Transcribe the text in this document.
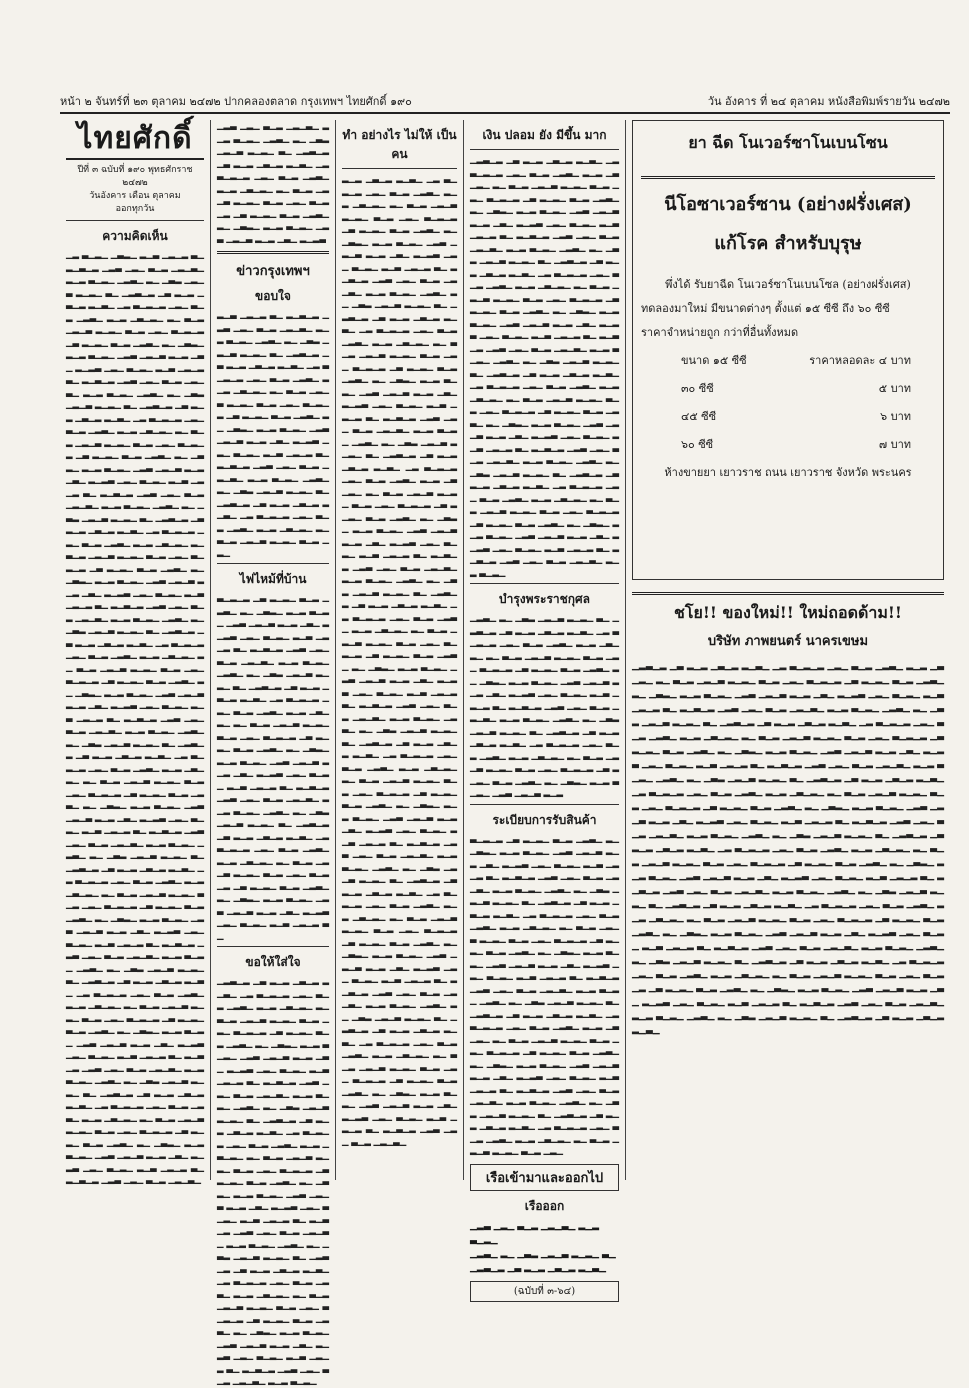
หน้า ๒ จันทร์ที่ ๒๓ ตุลาคม ๒๔๗๒ ปากคลองตลาด กรุงเทพฯ ไทยศักดิ์ ๑๙๐	วัน อังคาร ที่ ๒๔ ตุลาคม หนังสือพิมพ์รายวัน ๒๔๗๒
ไทยศักดิ์
ปีที่ ๓ ฉบับที่ ๑๙๐ พุทธศักราช ๒๔๗๒
วันอังคาร เดือน ตุลาคม
ออกทุกวัน
ความคิดเห็น
▁▂ ▃▁▂▁ ▁▃▂▁ ▂▁▃ ▁▂▁▂ ▃▁ ▂▁▃▁▂ ▁▂▃ ▁▂▁ ▃▁▂ ▁▂▁▃▁ ▂▁▂ ▃▁▂▁ ▁▂▃▁ ▂▁ ▁▃▂ ▁▂▁▃ ▂▁▂▁ ▃▁ ▁▂▃▁▂ ▁▃ ▂▁▂ ▁▃▁▂ ▂▁▃▁ ▁▂ ▃▁▂▁▂ ▁▂▁ ▃▁▂ ▁▂▃▁ ▂▁▂ ▁▃▁▂▁ ▂▁ ▃▁▂ ▁▂▁▃ ▂▁▂▁ ▃▁▂ ▁▂▁ ▃▁▂▁▂ ▁▃ ▂▁▂▁ ▃▁▂ ▁▂▃▁ ▂▁ ▁▃▂▁ ▂▁▂ ▃▁▂▁ ▁▂▃ ▁▂▁▃ ▂▁▂ ▁▃▁ ▂▁▂▃ ▁▂▁ ▃▁▂▁ ▂▁▃ ▁▂▁▂ ▃▁ ▂▁▃▁▂ ▁▂▃ ▁▂▁ ▃▁▂ ▁▂▁▃▁ ▂▁▂ ▃▁▂▁ ▁▂▃▁ ▂▁ ▁▃▂ ▁▂▁▃ ▂▁▂▁ ▃▁ ▁▂▃▁▂ ▁▃ ▂▁▂ ▁▃▁▂ ▂▁▃▁ ▁▂ ▃▁▂▁▂ ▁▂▁ ▃▁▂ ▁▂▃▁ ▂▁▂ ▁▃▁▂▁ ▂▁ ▃▁▂ ▁▂▁▃ ▂▁▂▁ ▃▁▂ ▁▂▁ ▃▁▂▁▂ ▁▃ ▂▁▂▁ ▃▁▂ ▁▂▃▁ ▂▁ ▁▃▂▁ ▂▁▂ ▃▁▂▁ ▁▂▃ ▁▂▁▃ ▂▁▂ ▁▃▁ ▂▁▂▃ ▁▂▁ ▃▁▂▁ ▂▁▃ ▁▂▁▂ ▃▁ ▂▁▃▁▂ ▁▂▃ ▁▂▁ ▃▁▂ ▁▂▁▃▁ ▂▁▂ ▃▁▂▁ ▁▂▃▁ ▂▁ ▁▃▂ ▁▂▁▃ ▂▁▂▁ ▃▁ ▁▂▃▁▂ ▁▃ ▂▁▂ ▁▃▁▂ ▂▁▃▁ ▁▂ ▃▁▂▁▂ ▁▂▁ ▃▁▂ ▁▂▃▁ ▂▁▂ ▁▃▁▂▁ ▂▁ ▃▁▂ ▁▂▁▃ ▂▁▂▁ ▃▁▂ ▁▂▁ ▃▁▂▁▂ ▁▃ ▂▁▂▁ ▃▁▂ ▁▂▃▁ ▂▁ ▁▃▂▁ ▂▁▂ ▃▁▂▁ ▁▂▃ ▁▂▁▃ ▂▁▂ ▁▃▁ ▂▁▂▃ ▁▂▁ ▃▁▂▁ ▂▁▃ ▁▂▁▂ ▃▁ ▂▁▃▁▂ ▁▂▃ ▁▂▁ ▃▁▂ ▁▂▁▃▁ ▂▁▂ ▃▁▂▁ ▁▂▃▁ ▂▁ ▁▃▂ ▁▂▁▃ ▂▁▂▁ ▃▁ ▁▂▃▁▂ ▁▃ ▂▁▂ ▁▃▁▂ ▂▁▃▁ ▁▂ ▃▁▂▁▂ ▁▂▁ ▃▁▂ ▁▂▃▁ ▂▁▂ ▁▃▁▂▁ ▂▁ ▃▁▂ ▁▂▁▃ ▂▁▂▁ ▃▁▂ ▁▂▁ ▃▁▂▁▂ ▁▃ ▂▁▂▁ ▃▁▂ ▁▂▃▁ ▂▁ ▁▃▂▁ ▂▁▂ ▃▁▂▁ ▁▂▃ ▁▂▁▃ ▂▁▂ ▁▃▁ ▂▁▂▃ ▁▂▁ ▃▁▂▁ ▂▁▃ ▁▂▁▂ ▃▁ ▂▁▃▁▂ ▁▂▃ ▁▂▁ ▃▁▂ ▁▂▁▃▁ ▂▁▂ ▃▁▂▁ ▁▂▃▁ ▂▁ ▁▃▂ ▁▂▁▃ ▂▁▂▁ ▃▁ ▁▂▃▁▂ ▁▃ ▂▁▂ ▁▃▁▂ ▂▁▃▁ ▁▂ ▃▁▂▁▂ ▁▂▁ ▃▁▂ ▁▂▃▁ ▂▁▂ ▁▃▁▂▁ ▂▁ ▃▁▂ ▁▂▁▃ ▂▁▂▁ ▃▁▂ ▁▂▁ ▃▁▂▁▂ ▁▃ ▂▁▂▁ ▃▁▂ ▁▂▃▁ ▂▁ ▁▃▂▁ ▂▁▂ ▃▁▂▁ ▁▂▃ ▁▂▁▃ ▂▁▂ ▁▃▁ ▂▁▂▃ ▁▂▁ ▃▁▂▁ ▂▁▃ ▁▂▁▂ ▃▁ ▂▁▃▁▂ ▁▂▃ ▁▂▁ ▃▁▂ ▁▂▁▃▁ ▂▁▂ ▃▁▂▁ ▁▂▃▁ ▂▁ ▁▃▂ ▁▂▁▃ ▂▁▂▁ ▃▁ ▁▂▃▁▂ ▁▃ ▂▁▂ ▁▃▁▂ ▂▁▃▁ ▁▂ ▃▁▂▁▂ ▁▂▁ ▃▁▂ ▁▂▃▁ ▂▁▂ ▁▃▁▂▁ ▂▁ ▃▁▂ ▁▂▁▃ ▂▁▂▁ ▃▁▂ ▁▂▁ ▃▁▂▁▂ ▁▃ ▂▁▂▁ ▃▁▂ ▁▂▃▁ ▂▁ ▁▃▂▁ ▂▁▂ ▃▁▂▁ ▁▂▃ ▁▂▁▃ ▂▁▂ ▁▃▁ ▂▁▂▃ ▁▂▁ ▃▁▂▁ ▂▁▃ ▁▂▁▂ ▃▁ ▂▁▃▁▂ ▁▂▃ ▁▂▁ ▃▁▂ ▁▂▁▃▁ ▂▁▂ ▃▁▂▁ ▁▂▃▁ ▂▁ ▁▃▂ ▁▂▁▃ ▂▁▂▁ ▃▁ ▁▂▃▁▂ ▁▃ ▂▁▂ ▁▃▁▂ ▂▁▃▁ ▁▂ ▃▁▂▁▂ ▁▂▁ ▃▁▂ ▁▂▃▁ ▂▁▂ ▁▃▁▂▁ ▂▁ ▃▁▂ ▁▂▁▃ ▂▁▂▁ ▃▁▂ ▁▂▁ ▃▁▂▁▂ ▁▃ ▂▁▂▁ ▃▁▂ ▁▂▃▁ ▂▁ ▁▃▂▁ ▂▁▂ ▃▁▂▁ ▁▂▃ ▁▂▁▃ ▂▁▂ ▁▃▁ ▂▁▂▃ ▁▂▁ ▃▁▂▁ ▂▁▃ ▁▂▁▂ ▃▁ ▂▁▃▁▂ ▁▂▃ ▁▂▁ ▃▁▂ ▁▂▁▃▁ ▂▁▂ ▃▁▂▁ ▁▂▃▁ ▂▁ ▁▃▂ ▁▂▁▃ ▂▁▂▁ ▃▁ ▁▂▃▁▂ ▁▃ ▂▁▂ ▁▃▁▂ ▂▁▃▁ ▁▂ ▃▁▂▁▂ ▁▂▁ ▃▁▂ ▁▂▃▁ ▂▁▂ ▁▃▁▂▁ ▂▁ ▃▁▂ ▁▂▁▃ ▂▁▂▁ ▃▁▂ ▁▂▁ ▃▁▂▁▂ ▁▃ ▂▁▂▁ ▃▁▂ ▁▂▃▁ ▂▁ ▁▃▂▁ ▂▁▂ ▃▁▂▁ ▁▂▃ ▁▂▁▃ ▂▁▂ ▁▃▁ ▂▁▂▃ ▁▂▁ ▃▁▂▁ ▂▁▃ ▁▂▁▂ ▃▁ ▂▁▃▁▂ ▁▂▃ ▁▂▁ ▃▁▂ ▁▂▁▃▁
▁▂▃ ▁▂▁ ▃▁▂ ▁▂▁▃▁ ▂▁▂ ▃▁▂▁ ▁▂▃▁ ▂▁ ▁▃▂ ▁▂▁▃ ▂▁▂▁ ▃▁ ▁▂▃▁▂ ▁▃ ▂▁▂ ▁▃▁▂ ▂▁▃▁ ▁▂ ▃▁▂▁▂ ▁▂▁ ▃▁▂ ▁▂▃▁ ▂▁▂ ▁▃▁▂▁ ▂▁ ▃▁▂ ▁▂▁▃ ▂▁▂▁ ▃▁▂ ▁▂▁ ▃▁▂▁▂ ▁▃ ▂▁▂▁ ▃▁▂ ▁▂▃▁ ▂▁ ▁▃▂▁ ▂▁▂ ▃▁▂▁ ▁▂▃ ▁▂▁▃ ▂▁▂ ▁▃▁ ▂▁▂▃
ข่าวกรุงเทพฯ
ขอบใจ
▂▁▃ ▁▂▁▂ ▃▁ ▂▁▃▁▂ ▁▂▃ ▁▂▁ ▃▁▂ ▁▂▁▃▁ ▂▁▂ ▃▁▂▁ ▁▂▃▁ ▂▁ ▁▃▂ ▁▂▁▃ ▂▁▂▁ ▃▁ ▁▂▃▁▂ ▁▃ ▂▁▂ ▁▃▁▂ ▂▁▃▁ ▁▂ ▃▁▂▁▂ ▁▂▁ ▃▁▂ ▁▂▃▁ ▂▁▂ ▁▃▁▂▁ ▂▁ ▃▁▂ ▁▂▁▃ ▂▁▂▁ ▃▁▂ ▁▂▁ ▃▁▂▁▂ ▁▃ ▂▁▂▁ ▃▁▂ ▁▂▃▁ ▂▁ ▁▃▂▁ ▂▁▂ ▃▁▂▁ ▁▂▃ ▁▂▁▃ ▂▁▂ ▁▃▁ ▂▁▂▃ ▁▂▁ ▃▁▂▁ ▂▁▃ ▁▂▁▂ ▃▁ ▂▁▃▁▂ ▁▂▃ ▁▂▁ ▃▁▂ ▁▂▁▃▁ ▂▁▂ ▃▁▂▁ ▁▂▃▁ ▂▁ ▁▃▂ ▁▂▁▃ ▂▁▂▁ ▃▁ ▁▂▃▁▂ ▁▃ ▂▁▂ ▁▃▁▂ ▂▁▃▁ ▁▂ ▃▁▂▁▂ ▁▂▁ ▃▁▂ ▁▂▃▁ ▂▁▂ ▁▃▁▂▁ ▂▁ ▃▁▂ ▁▂▁▃ ▂▁▂▁ ▃▁▂ ▁▂▁
ไฟไหม้ที่บ้าน
▃▁▂▁▂ ▁▃ ▂▁▂▁ ▃▁▂ ▁▂▃▁ ▂▁ ▁▃▂▁ ▂▁▂ ▃▁▂▁ ▁▂▃ ▁▂▁▃ ▂▁▂ ▁▃▁ ▂▁▂▃ ▁▂▁ ▃▁▂▁ ▂▁▃ ▁▂▁▂ ▃▁ ▂▁▃▁▂ ▁▂▃ ▁▂▁ ▃▁▂ ▁▂▁▃▁ ▂▁▂ ▃▁▂▁ ▁▂▃▁ ▂▁ ▁▃▂ ▁▂▁▃ ▂▁▂▁ ▃▁ ▁▂▃▁▂ ▁▃ ▂▁▂ ▁▃▁▂ ▂▁▃▁ ▁▂ ▃▁▂▁▂ ▁▂▁ ▃▁▂ ▁▂▃▁ ▂▁▂ ▁▃▁▂▁ ▂▁ ▃▁▂ ▁▂▁▃ ▂▁▂▁ ▃▁▂ ▁▂▁ ▃▁▂▁▂ ▁▃ ▂▁▂▁ ▃▁▂ ▁▂▃▁ ▂▁ ▁▃▂▁ ▂▁▂ ▃▁▂▁ ▁▂▃ ▁▂▁▃ ▂▁▂ ▁▃▁ ▂▁▂▃ ▁▂▁ ▃▁▂▁ ▂▁▃ ▁▂▁▂ ▃▁ ▂▁▃▁▂ ▁▂▃ ▁▂▁ ▃▁▂ ▁▂▁▃▁ ▂▁▂ ▃▁▂▁ ▁▂▃▁ ▂▁ ▁▃▂ ▁▂▁▃ ▂▁▂▁ ▃▁ ▁▂▃▁▂ ▁▃ ▂▁▂ ▁▃▁▂ ▂▁▃▁ ▁▂ ▃▁▂▁▂ ▁▂▁ ▃▁▂ ▁▂▃▁ ▂▁▂ ▁▃▁▂▁ ▂▁ ▃▁▂ ▁▂▁▃ ▂▁▂▁ ▃▁▂ ▁▂▁ ▃▁▂▁▂ ▁▃ ▂▁▂▁ ▃▁▂ ▁▂▃▁ ▂▁ ▁▃▂▁ ▂▁▂ ▃▁▂▁ ▁▂▃ ▁▂▁▃ ▂▁▂ ▁▃▁ ▂▁▂▃ ▁▂▁ ▃▁▂▁ ▂▁▃ ▁▂▁▂ ▃▁
ขอให้ใส่ใจ
▁▂▃▁▂ ▁▃ ▂▁▂ ▁▃▁▂ ▂▁▃▁ ▁▂ ▃▁▂▁▂ ▁▂▁ ▃▁▂ ▁▂▃▁ ▂▁▂ ▁▃▁▂▁ ▂▁ ▃▁▂ ▁▂▁▃ ▂▁▂▁ ▃▁▂ ▁▂▁ ▃▁▂▁▂ ▁▃ ▂▁▂▁ ▃▁▂ ▁▂▃▁ ▂▁ ▁▃▂▁ ▂▁▂ ▃▁▂▁ ▁▂▃ ▁▂▁▃ ▂▁▂ ▁▃▁ ▂▁▂▃ ▁▂▁ ▃▁▂▁ ▂▁▃ ▁▂▁▂ ▃▁ ▂▁▃▁▂ ▁▂▃ ▁▂▁ ▃▁▂ ▁▂▁▃▁ ▂▁▂ ▃▁▂▁ ▁▂▃▁ ▂▁ ▁▃▂ ▁▂▁▃ ▂▁▂▁ ▃▁ ▁▂▃▁▂ ▁▃ ▂▁▂ ▁▃▁▂ ▂▁▃▁ ▁▂ ▃▁▂▁▂ ▁▂▁ ▃▁▂ ▁▂▃▁ ▂▁▂ ▁▃▁▂▁ ▂▁ ▃▁▂ ▁▂▁▃ ▂▁▂▁ ▃▁▂ ▁▂▁ ▃▁▂▁▂ ▁▃ ▂▁▂▁ ▃▁▂ ▁▂▃▁ ▂▁ ▁▃▂▁ ▂▁▂ ▃▁▂▁ ▁▂▃ ▁▂▁▃ ▂▁▂ ▁▃▁ ▂▁▂▃ ▁▂▁ ▃▁▂▁ ▂▁▃ ▁▂▁▂ ▃▁ ▂▁▃▁▂ ▁▂▃ ▁▂▁ ▃▁▂ ▁▂▁▃▁ ▂▁▂ ▃▁▂▁ ▁▂▃▁ ▂▁ ▁▃▂ ▁▂▁▃ ▂▁▂▁ ▃▁ ▁▂▃▁▂ ▁▃ ▂▁▂ ▁▃▁▂ ▂▁▃▁ ▁▂ ▃▁▂▁▂ ▁▂▁ ▃▁▂ ▁▂▃▁ ▂▁▂ ▁▃▁▂▁ ▂▁ ▃▁▂ ▁▂▁▃ ▂▁▂▁ ▃▁▂ ▁▂▁ ▃▁▂▁▂ ▁▃ ▂▁▂▁ ▃▁▂ ▁▂▃▁ ▂▁ ▁▃▂▁ ▂▁▂ ▃▁▂▁ ▁▂▃ ▁▂▁▃ ▂▁▂ ▁▃▁ ▂▁▂▃ ▁▂▁ ▃▁▂▁ ▂▁▃ ▁▂▁▂ ▃▁ ▂▁▃▁▂ ▁▂▃ ▁▂▁ ▃▁▂ ▁▂▁▃▁ ▂▁▂ ▃▁▂▁
ทำ อย่างไร ไม่ให้ เป็นคน
▂▁▂ ▁▃▁▂ ▂▁▃▁ ▁▂ ▃▁▂▁▂ ▁▂▁ ▃▁▂ ▁▂▃▁ ▂▁▂ ▁▃▁▂▁ ▂▁ ▃▁▂ ▁▂▁▃ ▂▁▂▁ ▃▁▂ ▁▂▁ ▃▁▂▁▂ ▁▃ ▂▁▂▁ ▃▁▂ ▁▂▃▁ ▂▁ ▁▃▂▁ ▂▁▂ ▃▁▂▁ ▁▂▃ ▁▂▁▃ ▂▁▂ ▁▃▁ ▂▁▂▃ ▁▂▁ ▃▁▂▁ ▂▁▃ ▁▂▁▂ ▃▁ ▂▁▃▁▂ ▁▂▃ ▁▂▁ ▃▁▂ ▁▂▁▃▁ ▂▁▂ ▃▁▂▁ ▁▂▃▁ ▂▁ ▁▃▂ ▁▂▁▃ ▂▁▂▁ ▃▁ ▁▂▃▁▂ ▁▃ ▂▁▂ ▁▃▁▂ ▂▁▃▁ ▁▂ ▃▁▂▁▂ ▁▂▁ ▃▁▂ ▁▂▃▁ ▂▁▂ ▁▃▁▂▁ ▂▁ ▃▁▂ ▁▂▁▃ ▂▁▂▁ ▃▁▂ ▁▂▁ ▃▁▂▁▂ ▁▃ ▂▁▂▁ ▃▁▂ ▁▂▃▁ ▂▁ ▁▃▂▁ ▂▁▂ ▃▁▂▁ ▁▂▃ ▁▂▁▃ ▂▁▂ ▁▃▁ ▂▁▂▃ ▁▂▁ ▃▁▂▁ ▂▁▃ ▁▂▁▂ ▃▁ ▂▁▃▁▂ ▁▂▃ ▁▂▁ ▃▁▂ ▁▂▁▃▁ ▂▁▂ ▃▁▂▁ ▁▂▃▁ ▂▁ ▁▃▂ ▁▂▁▃ ▂▁▂▁ ▃▁ ▁▂▃▁▂ ▁▃ ▂▁▂ ▁▃▁▂ ▂▁▃▁ ▁▂ ▃▁▂▁▂ ▁▂▁ ▃▁▂ ▁▂▃▁ ▂▁▂ ▁▃▁▂▁ ▂▁ ▃▁▂ ▁▂▁▃ ▂▁▂▁ ▃▁▂ ▁▂▁ ▃▁▂▁▂ ▁▃ ▂▁▂▁ ▃▁▂ ▁▂▃▁ ▂▁ ▁▃▂▁ ▂▁▂ ▃▁▂▁ ▁▂▃ ▁▂▁▃ ▂▁▂ ▁▃▁ ▂▁▂▃ ▁▂▁ ▃▁▂▁ ▂▁▃ ▁▂▁▂ ▃▁ ▂▁▃▁▂ ▁▂▃ ▁▂▁ ▃▁▂ ▁▂▁▃▁ ▂▁▂ ▃▁▂▁ ▁▂▃▁ ▂▁ ▁▃▂ ▁▂▁▃ ▂▁▂▁ ▃▁ ▁▂▃▁▂ ▁▃ ▂▁▂ ▁▃▁▂ ▂▁▃▁ ▁▂ ▃▁▂▁▂ ▁▂▁ ▃▁▂ ▁▂▃▁ ▂▁▂ ▁▃▁▂▁ ▂▁ ▃▁▂ ▁▂▁▃ ▂▁▂▁ ▃▁▂ ▁▂▁ ▃▁▂▁▂ ▁▃ ▂▁▂▁ ▃▁▂ ▁▂▃▁ ▂▁ ▁▃▂▁ ▂▁▂ ▃▁▂▁ ▁▂▃ ▁▂▁▃ ▂▁▂ ▁▃▁ ▂▁▂▃ ▁▂▁ ▃▁▂▁ ▂▁▃ ▁▂▁▂ ▃▁ ▂▁▃▁▂ ▁▂▃ ▁▂▁ ▃▁▂ ▁▂▁▃▁ ▂▁▂ ▃▁▂▁ ▁▂▃▁ ▂▁ ▁▃▂ ▁▂▁▃ ▂▁▂▁ ▃▁ ▁▂▃▁▂ ▁▃ ▂▁▂ ▁▃▁▂ ▂▁▃▁ ▁▂ ▃▁▂▁▂ ▁▂▁ ▃▁▂ ▁▂▃▁ ▂▁▂ ▁▃▁▂▁ ▂▁ ▃▁▂ ▁▂▁▃ ▂▁▂▁ ▃▁▂ ▁▂▁ ▃▁▂▁▂ ▁▃ ▂▁▂▁ ▃▁▂ ▁▂▃▁ ▂▁ ▁▃▂▁ ▂▁▂ ▃▁▂▁ ▁▂▃ ▁▂▁▃ ▂▁▂ ▁▃▁ ▂▁▂▃ ▁▂▁ ▃▁▂▁ ▂▁▃ ▁▂▁▂ ▃▁ ▂▁▃▁▂ ▁▂▃ ▁▂▁ ▃▁▂ ▁▂▁▃▁ ▂▁▂ ▃▁▂▁ ▁▂▃▁ ▂▁ ▁▃▂ ▁▂▁▃ ▂▁▂▁ ▃▁ ▁▂▃▁▂ ▁▃ ▂▁▂ ▁▃▁▂ ▂▁▃▁ ▁▂ ▃▁▂▁▂ ▁▂▁ ▃▁▂ ▁▂▃▁ ▂▁▂ ▁▃▁▂▁ ▂▁ ▃▁▂ ▁▂▁▃ ▂▁▂▁ ▃▁▂ ▁▂▁ ▃▁▂▁▂ ▁▃ ▂▁▂▁ ▃▁▂ ▁▂▃▁ ▂▁ ▁▃▂▁ ▂▁▂ ▃▁▂▁ ▁▂▃ ▁▂▁▃ ▂▁▂ ▁▃▁ ▂▁▂▃ ▁▂▁ ▃▁▂▁ ▂▁▃ ▁▂▁▂ ▃▁ ▂▁▃▁▂ ▁▂▃ ▁▂▁ ▃▁▂ ▁▂▁▃▁ ▂▁▂ ▃▁▂▁ ▁▂▃▁ ▂▁ ▁▃▂ ▁▂▁▃ ▂▁▂▁ ▃▁ ▁▂▃▁▂ ▁▃ ▂▁▂ ▁▃▁▂ ▂▁▃▁ ▁▂ ▃▁▂▁▂ ▁▂▁ ▃▁▂ ▁▂▃▁ ▂▁▂ ▁▃▁▂▁ ▂▁ ▃▁▂ ▁▂▁▃ ▂▁▂▁ ▃▁▂ ▁▂▁ ▃▁▂▁▂ ▁▃ ▂▁▂▁ ▃▁▂ ▁▂▃▁ ▂▁ ▁▃▂▁ ▂▁▂ ▃▁▂▁ ▁▂▃ ▁▂▁▃ ▂▁▂ ▁▃▁ ▂▁▂▃ ▁▂▁ ▃▁▂▁ ▂▁▃ ▁▂▁▂ ▃▁ ▂▁▃▁▂ ▁▂▃ ▁▂▁ ▃▁▂ ▁▂▁▃▁
เงิน ปลอม ยัง มีขึ้น มาก
▁▂▃▁▂ ▁▃ ▂▁▂ ▁▃▁▂ ▂▁▃▁ ▁▂ ▃▁▂▁▂ ▁▂▁ ▃▁▂ ▁▂▃▁ ▂▁▂ ▁▃▁▂▁ ▂▁ ▃▁▂ ▁▂▁▃ ▂▁▂▁ ▃▁▂ ▁▂▁ ▃▁▂▁▂ ▁▃ ▂▁▂▁ ▃▁▂ ▁▂▃▁ ▂▁ ▁▃▂▁ ▂▁▂ ▃▁▂▁ ▁▂▃ ▁▂▁▃ ▂▁▂ ▁▃▁ ▂▁▂▃ ▁▂▁ ▃▁▂▁ ▂▁▃ ▁▂▁▂ ▃▁ ▂▁▃▁▂ ▁▂▃ ▁▂▁ ▃▁▂ ▁▂▁▃▁ ▂▁▂ ▃▁▂▁ ▁▂▃▁ ▂▁ ▁▃▂ ▁▂▁▃ ▂▁▂▁ ▃▁ ▁▂▃▁▂ ▁▃ ▂▁▂ ▁▃▁▂ ▂▁▃▁ ▁▂ ▃▁▂▁▂ ▁▂▁ ▃▁▂ ▁▂▃▁ ▂▁▂ ▁▃▁▂▁ ▂▁ ▃▁▂ ▁▂▁▃ ▂▁▂▁ ▃▁▂ ▁▂▁ ▃▁▂▁▂ ▁▃ ▂▁▂▁ ▃▁▂ ▁▂▃▁ ▂▁ ▁▃▂▁ ▂▁▂ ▃▁▂▁ ▁▂▃ ▁▂▁▃ ▂▁▂ ▁▃▁ ▂▁▂▃ ▁▂▁ ▃▁▂▁ ▂▁▃ ▁▂▁▂ ▃▁ ▂▁▃▁▂ ▁▂▃ ▁▂▁ ▃▁▂ ▁▂▁▃▁ ▂▁▂ ▃▁▂▁ ▁▂▃▁ ▂▁ ▁▃▂ ▁▂▁▃ ▂▁▂▁ ▃▁ ▁▂▃▁▂ ▁▃ ▂▁▂ ▁▃▁▂ ▂▁▃▁ ▁▂ ▃▁▂▁▂ ▁▂▁ ▃▁▂ ▁▂▃▁ ▂▁▂ ▁▃▁▂▁ ▂▁ ▃▁▂ ▁▂▁▃ ▂▁▂▁ ▃▁▂ ▁▂▁ ▃▁▂▁▂ ▁▃ ▂▁▂▁ ▃▁▂ ▁▂▃▁ ▂▁ ▁▃▂▁ ▂▁▂ ▃▁▂▁ ▁▂▃ ▁▂▁▃ ▂▁▂ ▁▃▁ ▂▁▂▃ ▁▂▁ ▃▁▂▁ ▂▁▃ ▁▂▁▂ ▃▁ ▂▁▃▁▂ ▁▂▃ ▁▂▁ ▃▁▂ ▁▂▁▃▁ ▂▁▂ ▃▁▂▁ ▁▂▃▁ ▂▁ ▁▃▂ ▁▂▁▃ ▂▁▂▁ ▃▁ ▁▂▃▁▂ ▁▃ ▂▁▂ ▁▃▁▂ ▂▁▃▁ ▁▂ ▃▁▂▁▂ ▁▂▁ ▃▁▂ ▁▂▃▁ ▂▁▂ ▁▃▁▂▁ ▂▁ ▃▁▂ ▁▂▁▃ ▂▁▂▁ ▃▁▂ ▁▂▁ ▃▁▂▁▂ ▁▃ ▂▁▂▁ ▃▁▂ ▁▂▃▁ ▂▁ ▁▃▂▁ ▂▁▂ ▃▁▂▁ ▁▂▃ ▁▂▁▃ ▂▁▂ ▁▃▁ ▂▁▂▃ ▁▂▁ ▃▁▂▁ ▂▁▃ ▁▂▁▂ ▃▁ ▂▁▃▁▂ ▁▂▃ ▁▂▁ ▃▁▂ ▁▂▁▃▁ ▂▁▂ ▃▁▂▁
บำรุงพระราชกุศล
▁▂▃▁ ▂▁ ▁▃▂ ▁▂▁▃ ▂▁▂▁ ▃▁ ▁▂▃▁▂ ▁▃ ▂▁▂ ▁▃▁▂ ▂▁▃▁ ▁▂ ▃▁▂▁▂ ▁▂▁ ▃▁▂ ▁▂▃▁ ▂▁▂ ▁▃▁▂▁ ▂▁ ▃▁▂ ▁▂▁▃ ▂▁▂▁ ▃▁▂ ▁▂▁ ▃▁▂▁▂ ▁▃ ▂▁▂▁ ▃▁▂ ▁▂▃▁ ▂▁ ▁▃▂▁ ▂▁▂ ▃▁▂▁ ▁▂▃ ▁▂▁▃ ▂▁▂ ▁▃▁ ▂▁▂▃ ▁▂▁ ▃▁▂▁ ▂▁▃ ▁▂▁▂ ▃▁ ▂▁▃▁▂ ▁▂▃ ▁▂▁ ▃▁▂ ▁▂▁▃▁ ▂▁▂ ▃▁▂▁ ▁▂▃▁ ▂▁ ▁▃▂ ▁▂▁▃ ▂▁▂▁ ▃▁ ▁▂▃▁▂ ▁▃ ▂▁▂ ▁▃▁▂ ▂▁▃▁ ▁▂ ▃▁▂▁▂ ▁▂▁ ▃▁▂ ▁▂▃▁ ▂▁▂ ▁▃▁▂▁ ▂▁ ▃▁▂ ▁▂▁▃ ▂▁▂▁ ▃▁▂ ▁▂▁ ▃▁▂▁▂ ▁▃ ▂▁▂▁ ▃▁▂ ▁▂▃▁ ▂▁ ▁▃▂▁ ▂▁▂ ▃▁▂▁ ▁▂▃ ▁▂▁▃ ▂▁▂
ระเบียบการรับสินค้า
▃▁▂▁▂ ▁▃ ▂▁▂▁ ▃▁▂ ▁▂▃▁ ▂▁ ▁▃▂▁ ▂▁▂ ▃▁▂▁ ▁▂▃ ▁▂▁▃ ▂▁▂ ▁▃▁ ▂▁▂▃ ▁▂▁ ▃▁▂▁ ▂▁▃ ▁▂▁▂ ▃▁ ▂▁▃▁▂ ▁▂▃ ▁▂▁ ▃▁▂ ▁▂▁▃▁ ▂▁▂ ▃▁▂▁ ▁▂▃▁ ▂▁ ▁▃▂ ▁▂▁▃ ▂▁▂▁ ▃▁ ▁▂▃▁▂ ▁▃ ▂▁▂ ▁▃▁▂ ▂▁▃▁ ▁▂ ▃▁▂▁▂ ▁▂▁ ▃▁▂ ▁▂▃▁ ▂▁▂ ▁▃▁▂▁ ▂▁ ▃▁▂ ▁▂▁▃ ▂▁▂▁ ▃▁▂ ▁▂▁ ▃▁▂▁▂ ▁▃ ▂▁▂▁ ▃▁▂ ▁▂▃▁ ▂▁ ▁▃▂▁ ▂▁▂ ▃▁▂▁ ▁▂▃ ▁▂▁▃ ▂▁▂ ▁▃▁ ▂▁▂▃ ▁▂▁ ▃▁▂▁ ▂▁▃ ▁▂▁▂ ▃▁ ▂▁▃▁▂ ▁▂▃ ▁▂▁ ▃▁▂ ▁▂▁▃▁ ▂▁▂ ▃▁▂▁ ▁▂▃▁ ▂▁ ▁▃▂ ▁▂▁▃ ▂▁▂▁ ▃▁ ▁▂▃▁▂ ▁▃ ▂▁▂ ▁▃▁▂ ▂▁▃▁ ▁▂ ▃▁▂▁▂ ▁▂▁ ▃▁▂ ▁▂▃▁ ▂▁▂ ▁▃▁▂▁ ▂▁ ▃▁▂ ▁▂▁▃ ▂▁▂▁ ▃▁▂ ▁▂▁ ▃▁▂▁▂ ▁▃ ▂▁▂▁ ▃▁▂ ▁▂▃▁ ▂▁ ▁▃▂▁ ▂▁▂ ▃▁▂▁ ▁▂▃ ▁▂▁▃ ▂▁▂ ▁▃▁ ▂▁▂▃ ▁▂▁ ▃▁▂▁ ▂▁▃ ▁▂▁▂ ▃▁ ▂▁▃▁▂ ▁▂▃ ▁▂▁ ▃▁▂ ▁▂▁▃▁ ▂▁▂ ▃▁▂▁ ▁▂▃▁ ▂▁ ▁▃▂ ▁▂▁▃ ▂▁▂▁ ▃▁ ▁▂▃▁▂ ▁▃ ▂▁▂ ▁▃▁▂ ▂▁▃▁ ▁▂ ▃▁▂▁▂ ▁▂▁ ▃▁▂ ▁▂▃▁ ▂▁▂ ▁▃▁▂▁ ▂▁ ▃▁▂ ▁▂▁▃ ▂▁▂▁ ▃▁▂ ▁▂▁
เรือเข้ามาและออกไป
เรือออก
▁▂▃ ▁▂▁ ▃▁▂ ▁▂▁▃▁ ▂▁▂ ▃▁▂▁
▁▂▃▁ ▂▁ ▁▃▂ ▁▂▁▃ ▂▁▂▁ ▃▁
▁▂▃▁▂ ▁▃ ▂▁▂ ▁▃▁▂ ▂▁▃▁
(ฉบับที่ ๓-๖๔)
ยา ฉีด โนเวอร์ซาโนเบนโซน
นีโอซาเวอร์ซาน (อย่างฝรั่งเศส)
แก้โรค สำหรับบุรุษ
พึ่งได้ รับยาฉีด โนเวอร์ซาโนเบนโซล (อย่างฝรั่งเศส)
ทดลองมาใหม่ มีขนาดต่างๆ ตั้งแต่ ๑๕ ซีซี ถึง ๖๐ ซีซี
ราคาจำหน่ายถูก กว่าที่อื่นทั้งหมด
ขนาด ๑๕ ซีซี	ราคาหลอดละ ๔ บาท
๓๐ ซีซี	๕ บาท
๔๕ ซีซี	๖ บาท
๖๐ ซีซี	๗ บาท
ห้างขายยา เยาวราช ถนน เยาวราช จังหวัด พระนคร
ชโย!! ของใหม่!! ใหม่ถอดด้าม!!
บริษัท ภาพยนตร์ นาครเขษม
▁▂▃▁▂ ▁▃ ▂▁▂ ▁▃▁▂ ▂▁▃▁ ▁▂ ▃▁▂▁▂ ▁▂▁ ▃▁▂ ▁▂▃▁ ▂▁▂ ▁▃▁▂▁ ▂▁ ▃▁▂ ▁▂▁▃ ▂▁▂▁ ▃▁▂ ▁▂▁ ▃▁▂▁▂ ▁▃ ▂▁▂▁ ▃▁▂ ▁▂▃▁ ▂▁ ▁▃▂▁ ▂▁▂ ▃▁▂▁ ▁▂▃ ▁▂▁▃ ▂▁▂ ▁▃▁ ▂▁▂▃ ▁▂▁ ▃▁▂▁ ▂▁▃ ▁▂▁▂ ▃▁ ▂▁▃▁▂ ▁▂▃ ▁▂▁ ▃▁▂ ▁▂▁▃▁ ▂▁▂ ▃▁▂▁ ▁▂▃▁ ▂▁ ▁▃▂ ▁▂▁▃ ▂▁▂▁ ▃▁ ▁▂▃▁▂ ▁▃ ▂▁▂ ▁▃▁▂ ▂▁▃▁ ▁▂ ▃▁▂▁▂ ▁▂▁ ▃▁▂ ▁▂▃▁ ▂▁▂ ▁▃▁▂▁ ▂▁ ▃▁▂ ▁▂▁▃ ▂▁▂▁ ▃▁▂ ▁▂▁ ▃▁▂▁▂ ▁▃ ▂▁▂▁ ▃▁▂ ▁▂▃▁ ▂▁ ▁▃▂▁ ▂▁▂ ▃▁▂▁ ▁▂▃ ▁▂▁▃ ▂▁▂ ▁▃▁ ▂▁▂▃ ▁▂▁ ▃▁▂▁ ▂▁▃ ▁▂▁▂ ▃▁ ▂▁▃▁▂ ▁▂▃ ▁▂▁ ▃▁▂ ▁▂▁▃▁ ▂▁▂ ▃▁▂▁ ▁▂▃▁ ▂▁ ▁▃▂ ▁▂▁▃ ▂▁▂▁ ▃▁ ▁▂▃▁▂ ▁▃ ▂▁▂ ▁▃▁▂ ▂▁▃▁ ▁▂ ▃▁▂▁▂ ▁▂▁ ▃▁▂ ▁▂▃▁ ▂▁▂ ▁▃▁▂▁ ▂▁ ▃▁▂ ▁▂▁▃ ▂▁▂▁ ▃▁▂ ▁▂▁ ▃▁▂▁▂ ▁▃ ▂▁▂▁ ▃▁▂ ▁▂▃▁ ▂▁ ▁▃▂▁ ▂▁▂ ▃▁▂▁ ▁▂▃ ▁▂▁▃ ▂▁▂ ▁▃▁ ▂▁▂▃ ▁▂▁ ▃▁▂▁ ▂▁▃ ▁▂▁▂ ▃▁ ▂▁▃▁▂ ▁▂▃ ▁▂▁ ▃▁▂ ▁▂▁▃▁ ▂▁▂ ▃▁▂▁ ▁▂▃▁ ▂▁ ▁▃▂ ▁▂▁▃ ▂▁▂▁ ▃▁ ▁▂▃▁▂ ▁▃ ▂▁▂ ▁▃▁▂ ▂▁▃▁ ▁▂ ▃▁▂▁▂ ▁▂▁ ▃▁▂ ▁▂▃▁ ▂▁▂ ▁▃▁▂▁ ▂▁ ▃▁▂ ▁▂▁▃ ▂▁▂▁ ▃▁▂ ▁▂▁ ▃▁▂▁▂ ▁▃ ▂▁▂▁ ▃▁▂ ▁▂▃▁ ▂▁ ▁▃▂▁ ▂▁▂ ▃▁▂▁ ▁▂▃ ▁▂▁▃ ▂▁▂ ▁▃▁ ▂▁▂▃ ▁▂▁ ▃▁▂▁ ▂▁▃ ▁▂▁▂ ▃▁ ▂▁▃▁▂ ▁▂▃ ▁▂▁ ▃▁▂ ▁▂▁▃▁ ▂▁▂ ▃▁▂▁ ▁▂▃▁ ▂▁ ▁▃▂ ▁▂▁▃ ▂▁▂▁ ▃▁ ▁▂▃▁▂ ▁▃ ▂▁▂ ▁▃▁▂ ▂▁▃▁ ▁▂ ▃▁▂▁▂ ▁▂▁ ▃▁▂ ▁▂▃▁ ▂▁▂ ▁▃▁▂▁ ▂▁ ▃▁▂ ▁▂▁▃ ▂▁▂▁ ▃▁▂ ▁▂▁ ▃▁▂▁▂ ▁▃ ▂▁▂▁ ▃▁▂ ▁▂▃▁ ▂▁ ▁▃▂▁ ▂▁▂ ▃▁▂▁ ▁▂▃ ▁▂▁▃ ▂▁▂ ▁▃▁ ▂▁▂▃ ▁▂▁ ▃▁▂▁ ▂▁▃ ▁▂▁▂ ▃▁ ▂▁▃▁▂ ▁▂▃ ▁▂▁ ▃▁▂ ▁▂▁▃▁ ▂▁▂ ▃▁▂▁ ▁▂▃▁ ▂▁ ▁▃▂ ▁▂▁▃ ▂▁▂▁ ▃▁ ▁▂▃▁▂ ▁▃ ▂▁▂ ▁▃▁▂ ▂▁▃▁ ▁▂ ▃▁▂▁▂ ▁▂▁ ▃▁▂ ▁▂▃▁ ▂▁▂ ▁▃▁▂▁ ▂▁ ▃▁▂ ▁▂▁▃ ▂▁▂▁ ▃▁▂ ▁▂▁ ▃▁▂▁▂ ▁▃ ▂▁▂▁ ▃▁▂ ▁▂▃▁ ▂▁ ▁▃▂▁ ▂▁▂ ▃▁▂▁ ▁▂▃ ▁▂▁▃ ▂▁▂ ▁▃▁ ▂▁▂▃ ▁▂▁ ▃▁▂▁ ▂▁▃ ▁▂▁▂ ▃▁ ▂▁▃▁▂ ▁▂▃ ▁▂▁ ▃▁▂ ▁▂▁▃▁ ▂▁▂ ▃▁▂▁ ▁▂▃▁ ▂▁ ▁▃▂ ▁▂▁▃ ▂▁▂▁ ▃▁ ▁▂▃▁▂ ▁▃ ▂▁▂ ▁▃▁▂ ▂▁▃▁
